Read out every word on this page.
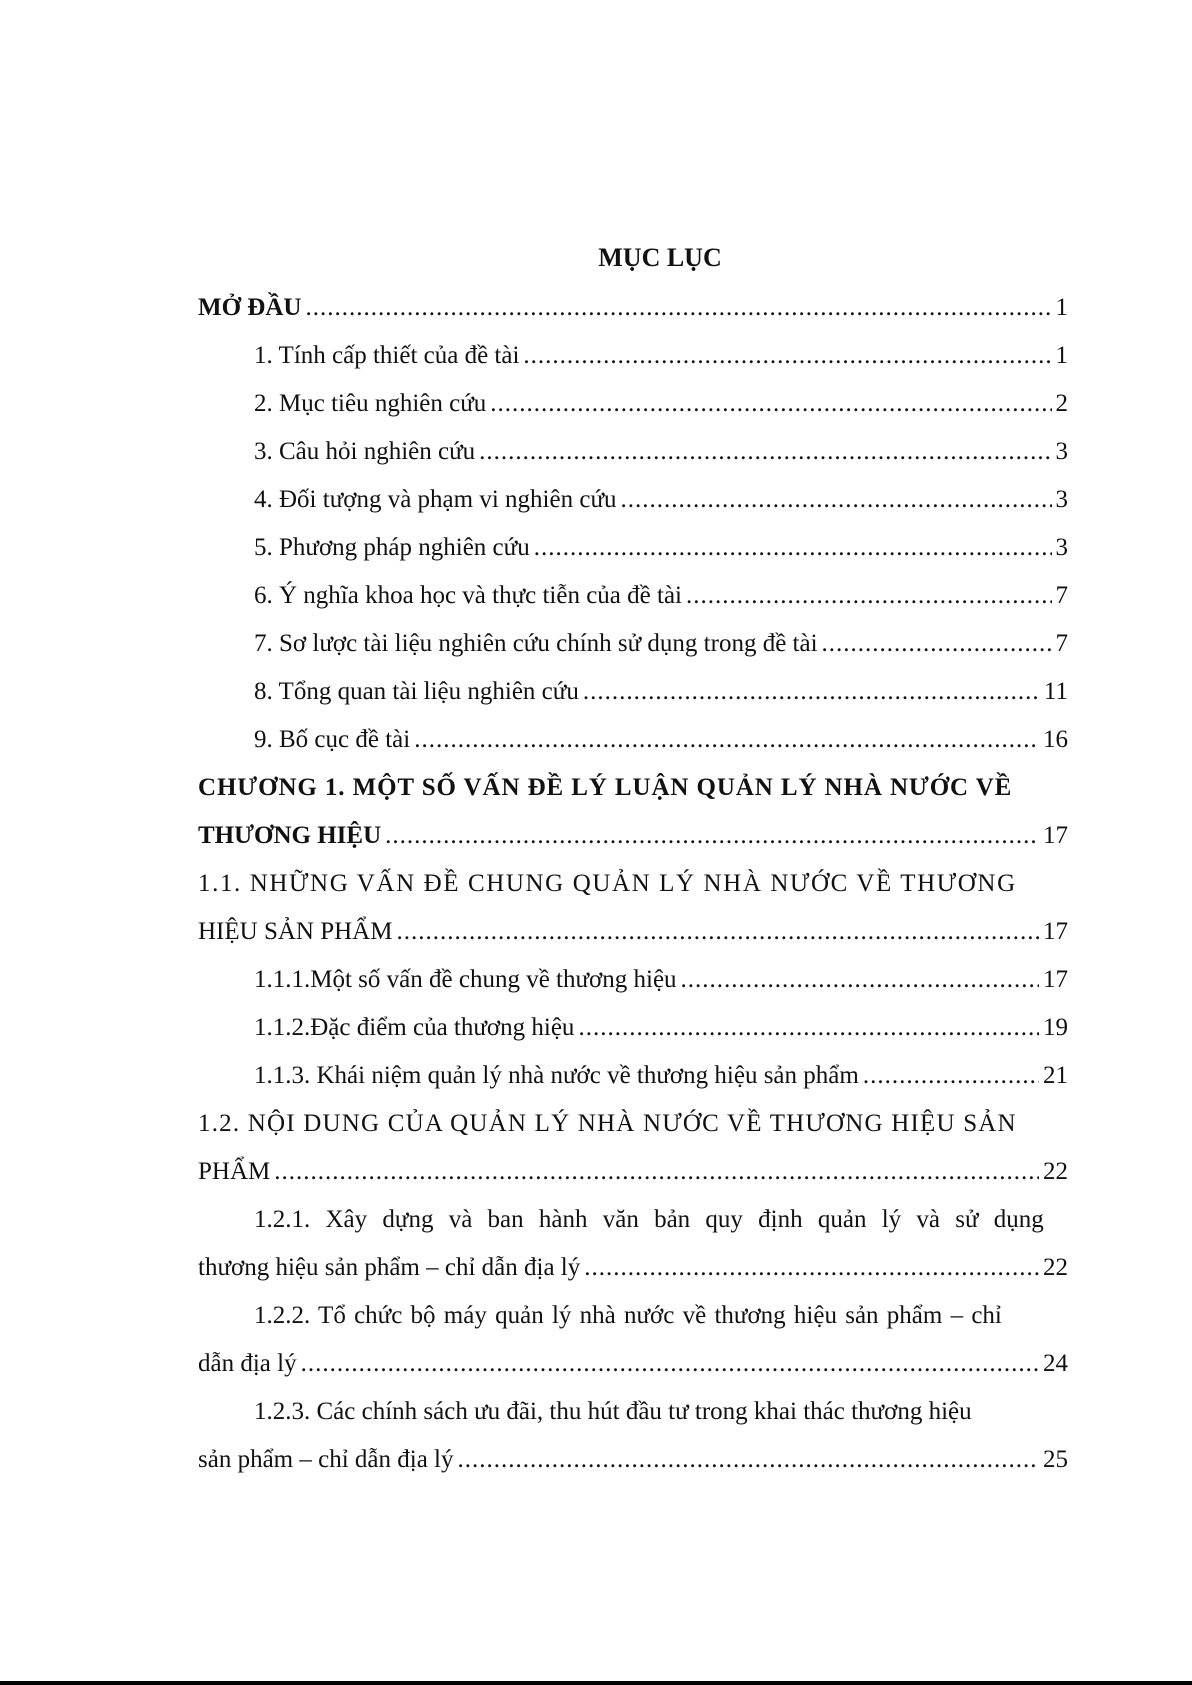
MỤC LỤC
MỞ ĐẦU .....	1
1. Tính cấp thiết của đề tài .....	1
2. Mục tiêu nghiên cứu .....	2
3. Câu hỏi nghiên cứu .....	3
4. Đối tượng và phạm vi nghiên cứu .....	3
5. Phương pháp nghiên cứu .....	3
6. Ý nghĩa khoa học và thực tiễn của đề tài .....	7
7. Sơ lược tài liệu nghiên cứu chính sử dụng trong đề tài .....	7
8. Tổng quan tài liệu nghiên cứu .....	11
9. Bố cục đề tài .....	16
CHƯƠNG 1. MỘT SỐ VẤN ĐỀ LÝ LUẬN QUẢN LÝ NHÀ NƯỚC VỀ
THƯƠNG HIỆU .....	17
1.1. NHỮNG VẤN ĐỀ CHUNG QUẢN LÝ NHÀ NƯỚC VỀ THƯƠNG
HIỆU SẢN PHẨM .....	17
1.1.1.Một số vấn đề chung về thương hiệu .....	17
1.1.2.Đặc điểm của thương hiệu .....	19
1.1.3. Khái niệm quản lý nhà nước về thương hiệu sản phẩm .....	21
1.2. NỘI DUNG CỦA QUẢN LÝ NHÀ NƯỚC VỀ THƯƠNG HIỆU SẢN
PHẨM .....	22
1.2.1. Xây dựng và ban hành văn bản quy định quản lý và sử dụng
thương hiệu sản phẩm – chỉ dẫn địa lý .....	22
1.2.2. Tổ chức bộ máy quản lý nhà nước về thương hiệu sản phẩm – chỉ
dẫn địa lý .....	24
1.2.3. Các chính sách ưu đãi, thu hút đầu tư trong khai thác thương hiệu
sản phẩm – chỉ dẫn địa lý .....	25
